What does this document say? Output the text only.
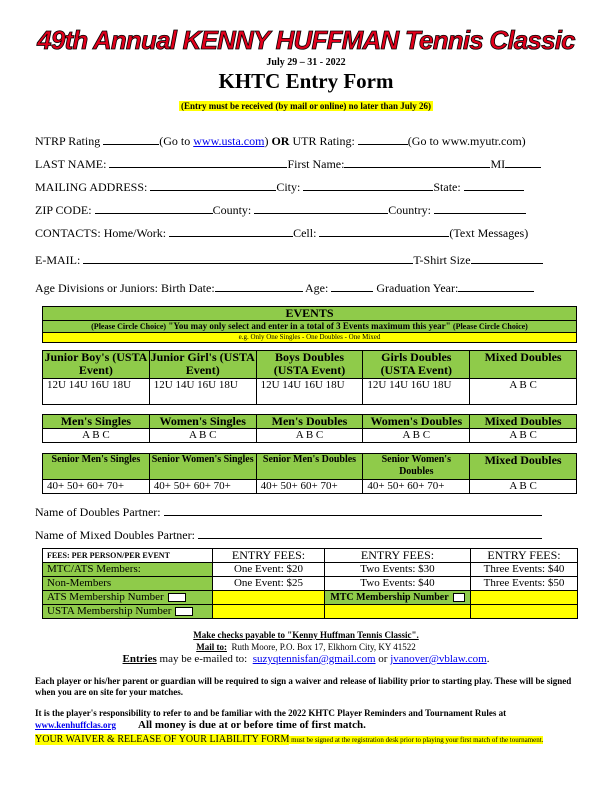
49th Annual KENNY HUFFMAN Tennis Classic
July 29 – 31 - 2022
KHTC Entry Form
(Entry must be received (by mail or online) no later than July 26)
NTRP Rating	(Go to www.usta.com) OR UTR Rating:	(Go to www.myutr.com)
LAST NAME:	First Name:	MI
MAILING ADDRESS:	City:	State:
ZIP CODE:	County:	Country:
CONTACTS: Home/Work:	Cell:	(Text Messages)
E-MAIL:	T-Shirt Size
Age Divisions or Juniors: Birth Date:	Age:	Graduation Year:
EVENTS
(Please Circle Choice) "You may only select and enter in a total of 3 Events maximum this year" (Please Circle Choice)
e.g. Only One Singles - One Doubles - One Mixed
Junior Boy's (USTA Event)	Junior Girl's (USTA Event)	Boys Doubles (USTA Event)	Girls Doubles (USTA Event)	Mixed Doubles
12U 14U 16U 18U	12U 14U 16U 18U	12U 14U 16U 18U	12U 14U 16U 18U	A B C
Men's Singles	Women's Singles	Men's Doubles	Women's Doubles	Mixed Doubles
A B C	A B C	A B C	A B C	A B C
Senior Men's Singles	Senior Women's Singles	Senior Men's Doubles	Senior Women's Doubles	Mixed Doubles
40+ 50+ 60+ 70+	40+ 50+ 60+ 70+	40+ 50+ 60+ 70+	40+ 50+ 60+ 70+	A B C
Name of Doubles Partner:
Name of Mixed Doubles Partner:
FEES: PER PERSON/PER EVENT	ENTRY FEES:	ENTRY FEES:	ENTRY FEES:
MTC/ATS Members:	One Event: $20	Two Events: $30	Three Events: $40
Non-Members	One Event: $25	Two Events: $40	Three Events: $50
ATS Membership Number		MTC Membership Number	
USTA Membership Number			
Make checks payable to "Kenny Huffman Tennis Classic".
Mail to: Ruth Moore, P.O. Box 17, Elkhorn City, KY 41522
Entries may be e-mailed to: suzyqtennisfan@gmail.com or jvanover@vblaw.com.
Each player or his/her parent or guardian will be required to sign a waiver and release of liability prior to starting play. These will be signed when you are on site for your matches.
It is the player's responsibility to refer to and be familiar with the 2022 KHTC Player Reminders and Tournament Rules at
www.kenhuffclas.org All money is due at or before time of first match.
YOUR WAIVER & RELEASE OF YOUR LIABILITY FORM must be signed at the registration desk prior to playing your first match of the tournament.
